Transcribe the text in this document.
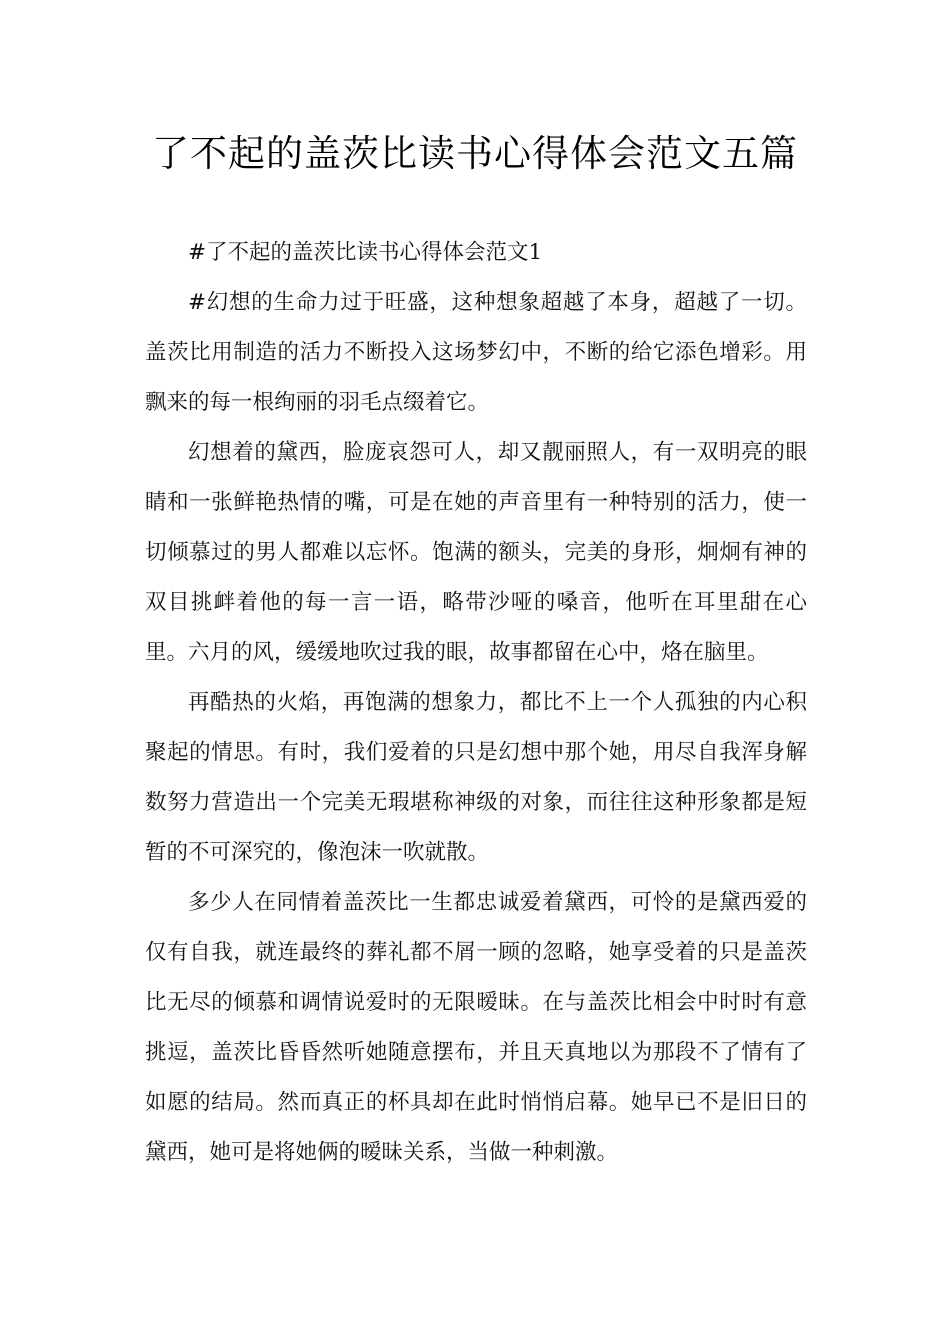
了不起的盖茨比读书心得体会范文五篇

#了不起的盖茨比读书心得体会范文1

#幻想的生命力过于旺盛，这种想象超越了本身，超越了一切。盖茨比用制造的活力不断投入这场梦幻中，不断的给它添色增彩。用飘来的每一根绚丽的羽毛点缀着它。

幻想着的黛西，脸庞哀怨可人，却又靓丽照人，有一双明亮的眼睛和一张鲜艳热情的嘴，可是在她的声音里有一种特别的活力，使一切倾慕过的男人都难以忘怀。饱满的额头，完美的身形，炯炯有神的双目挑衅着他的每一言一语，略带沙哑的嗓音，他听在耳里甜在心里。六月的风，缓缓地吹过我的眼，故事都留在心中，烙在脑里。

再酷热的火焰，再饱满的想象力，都比不上一个人孤独的内心积聚起的情思。有时，我们爱着的只是幻想中那个她，用尽自我浑身解数努力营造出一个完美无瑕堪称神级的对象，而往往这种形象都是短暂的不可深究的，像泡沫一吹就散。

多少人在同情着盖茨比一生都忠诚爱着黛西，可怜的是黛西爱的仅有自我，就连最终的葬礼都不屑一顾的忽略，她享受着的只是盖茨比无尽的倾慕和调情说爱时的无限暧昧。在与盖茨比相会中时时有意挑逗，盖茨比昏昏然听她随意摆布，并且天真地以为那段不了情有了如愿的结局。然而真正的杯具却在此时悄悄启幕。她早已不是旧日的黛西，她可是将她俩的暧昧关系，当做一种刺激。
